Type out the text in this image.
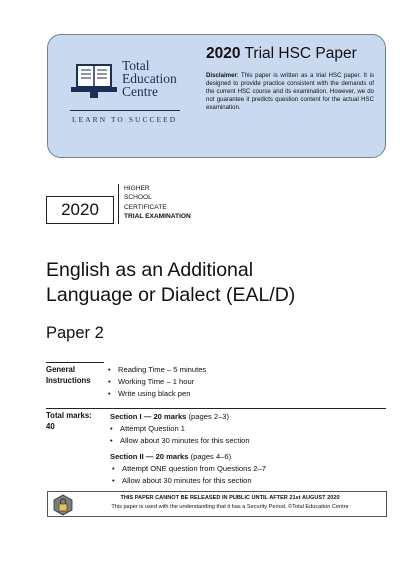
Total
Education
Centre
LEARN TO SUCCEED
2020 Trial HSC Paper
Disclaimer: This paper is written as a trial HSC paper. It is designed to provide practice consistent with the demands of the current HSC course and its examination. However, we do not guarantee it predicts question content for the actual HSC examination.
2020
HIGHER
SCHOOL
CERTIFICATE
TRIAL EXAMINATION
English as an Additional
Language or Dialect (EAL/D)
Paper 2
General
Instructions
• Reading Time – 5 minutes
• Working Time – 1 hour
• Write using black pen
Total marks:
40
Section I — 20 marks (pages 2–3)
• Attempt Question 1
• Allow about 30 minutes for this section
Section II — 20 marks (pages 4–6)
• Attempt ONE question from Questions 2–7
• Allow about 30 minutes for this section
THIS PAPER CANNOT BE RELEASED IN PUBLIC UNTIL AFTER 21st AUGUST 2020
This paper is used with the understanding that it has a Security Period. ©Total Education Centre
